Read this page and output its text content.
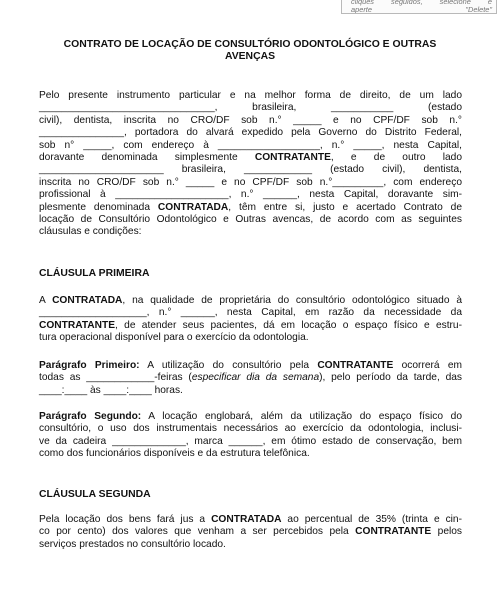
cliques seguidos, selecione e
aperte "Delete"
CONTRATO DE LOCAÇÃO DE CONSULTÓRIO ODONTOLÓGICO E OUTRAS
AVENÇAS
Pelo presente instrumento particular e na melhor forma de direito, de um lado
_______________________________, brasileira, ___________ (estado
civil), dentista, inscrita no CRO/DF sob n.° _____ e no CPF/DF sob n.°
_______________, portadora do alvará expedido pela Governo do Distrito Federal,
sob n° _____, com endereço à __________________, n.° _____, nesta Capital,
doravante denominada simplesmente CONTRATANTE, e de outro lado
______________________ brasileira, ____________ (estado civil), dentista,
inscrita no CRO/DF sob n.° _____ e no CPF/DF sob n.°_________, com endereço
profissional à ____________________, n.° ______, nesta Capital, doravante sim-
plesmente denominada CONTRATADA, têm entre si, justo e acertado Contrato de
locação de Consultório Odontológico e Outras avencas, de acordo com as seguintes
cláusulas e condições:
CLÁUSULA PRIMEIRA
A CONTRATADA, na qualidade de proprietária do consultório odontológico situado à
___________________, n.° ______, nesta Capital, em razão da necessidade da
CONTRATANTE, de atender seus pacientes, dá em locação o espaço físico e estru-
tura operacional disponível para o exercício da odontologia.
Parágrafo Primeiro: A utilização do consultório pela CONTRATANTE ocorrerá em
todas as ____________-feiras (especificar dia da semana), pelo período da tarde, das
____:____ às ____:____ horas.
Parágrafo Segundo: A locação englobará, além da utilização do espaço físico do
consultório, o uso dos instrumentais necessários ao exercício da odontologia, inclusi-
ve da cadeira _____________, marca ______, em ótimo estado de conservação, bem
como dos funcionários disponíveis e da estrutura telefônica.
CLÁUSULA SEGUNDA
Pela locação dos bens fará jus a CONTRATADA ao percentual de 35% (trinta e cin-
co por cento) dos valores que venham a ser percebidos pela CONTRATANTE pelos
serviços prestados no consultório locado.
